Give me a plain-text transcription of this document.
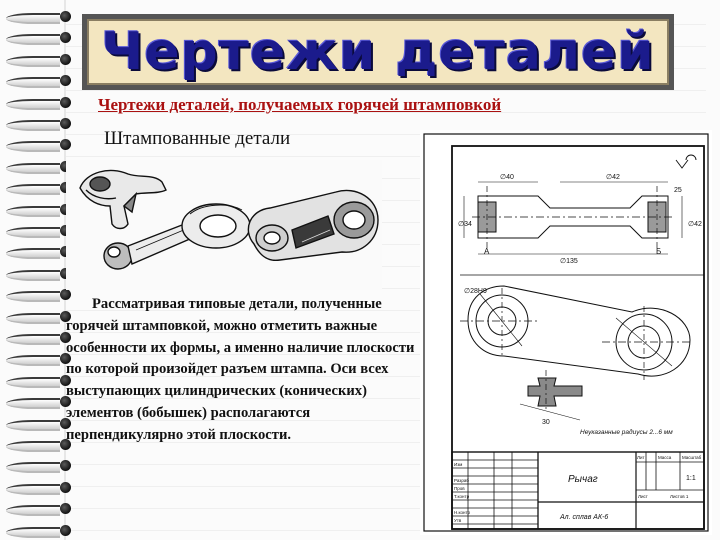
Чертежи деталей
Чертежи деталей, получаемых горячей штамповкой
Штампованные детали
Рассматривая типовые детали, полученные горячей штамповкой, можно отметить важные особенности их формы, а именно наличие плоскости по которой произойдет разъем штампа. Оси всех выступающих цилиндрических (конических) элементов (бобышек) располагаются перпендикулярно этой плоскости.
∅40	∅42
∅135
25
∅34	∅42
А	Б
∅28H9
30
Неуказанные радиусы 2...6 мм
Изм
Разраб
Пров
Т.контр
Н.контр
Утв
Рычаг
Ал. сплав АК-6
Лит	Масса Масштаб
1:1
Лист	Листов 1
